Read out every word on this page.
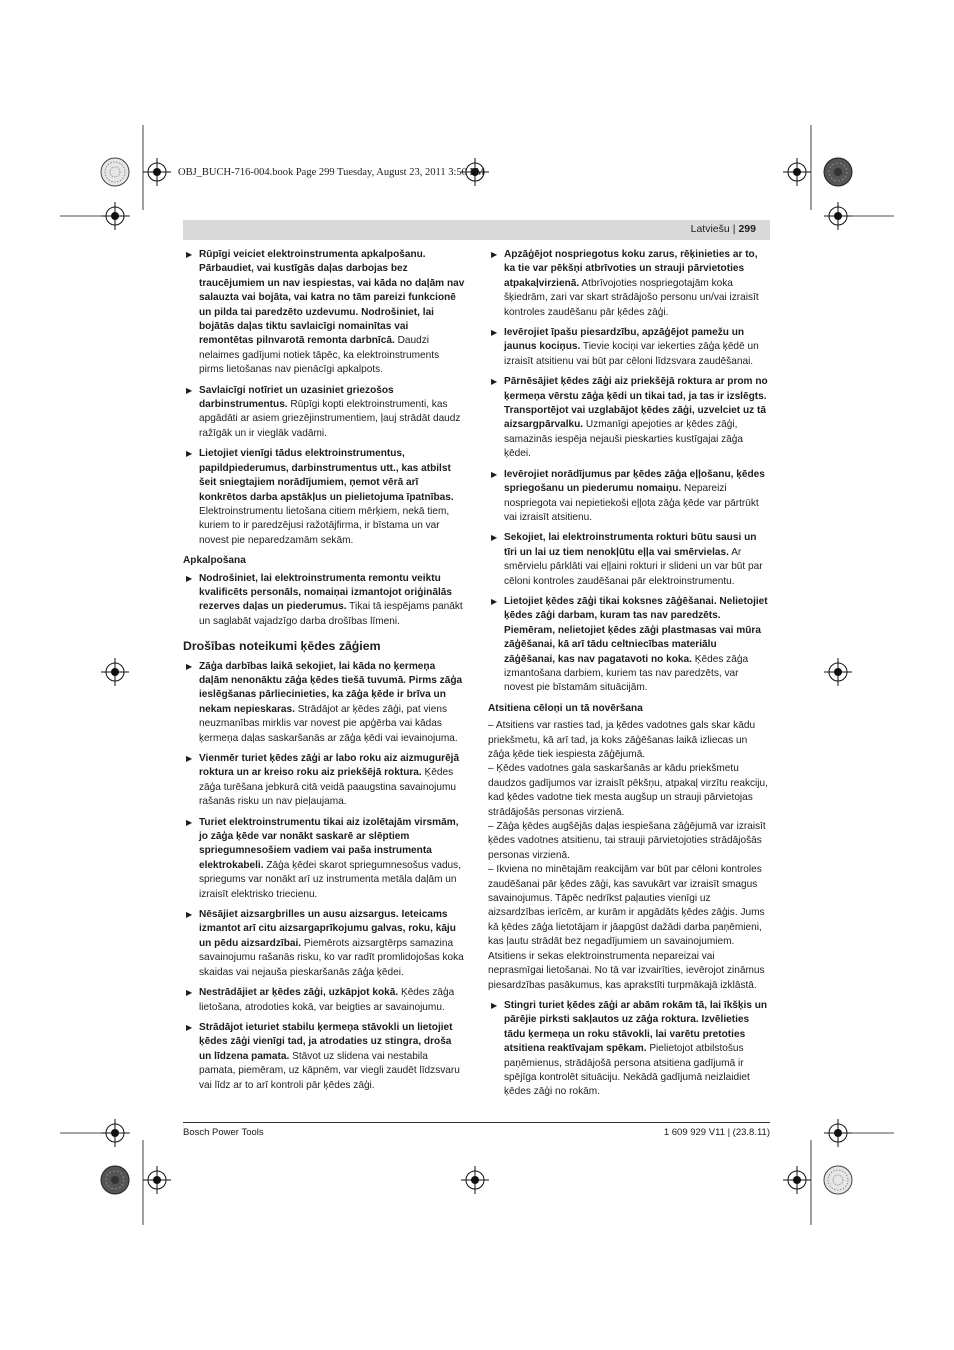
OBJ_BUCH-716-004.book Page 299 Tuesday, August 23, 2011 3:50 PM
Latviešu | 299
▶ Rūpīgi veiciet elektroinstrumenta apkalpošanu. Pārbaudiet, vai kustīgās daļas darbojas bez traucējumiem un nav iespiestas, vai kāda no daļām nav salauzta vai bojāta, vai katra no tām pareizi funkcionē un pilda tai paredzēto uzdevumu. Nodrošiniet, lai bojātās daļas tiktu savlaicīgi nomainītas vai remontētas pilnvarotā remonta darbnīcā. Daudzi nelaimes gadījumi notiek tāpēc, ka elektroinstruments pirms lietošanas nav pienācīgi apkalpots.
▶ Savlaicīgi notīriet un uzasiniet griezošos darbinstrumentus. Rūpīgi kopti elektroinstrumenti, kas apgādāti ar asiem griezējinstrumentiem, ļauj strādāt daudz ražīgāk un ir vieglāk vadāmi.
▶ Lietojiet vienīgi tādus elektroinstrumentus, papildpiederumus, darbinstrumentus utt., kas atbilst šeit sniegtajiem norādījumiem, ņemot vērā arī konkrētos darba apstākļus un pielietojuma īpatnības. Elektroinstrumentu lietošana citiem mērķiem, nekā tiem, kuriem to ir paredzējusi ražotājfirma, ir bīstama un var novest pie neparedzamām sekām.
Apkalpošana
▶ Nodrošiniet, lai elektroinstrumenta remontu veiktu kvalificēts personāls, nomaiņai izmantojot oriģinālās rezerves daļas un piederumus. Tikai tā iespējams panākt un saglabāt vajadzīgo darba drošības līmeni.
Drošības noteikumi ķēdes zāģiem
▶ Zāģa darbības laikā sekojiet, lai kāda no ķermeņa daļām nenonāktu zāģa ķēdes tiešā tuvumā. Pirms zāģa ieslēgšanas pārliecinieties, ka zāģa ķēde ir brīva un nekam nepieskaras. Strādājot ar ķēdes zāģi, pat viens neuzmanības mirklis var novest pie apģērba vai kādas ķermeņa daļas saskaršanās ar zāģa ķēdi vai ievainojuma.
▶ Vienmēr turiet ķēdes zāģi ar labo roku aiz aizmugurējā roktura un ar kreiso roku aiz priekšējā roktura. Ķēdes zāģa turēšana jebkurā citā veidā paaugstina savainojumu rašanās risku un nav pieļaujama.
▶ Turiet elektroinstrumentu tikai aiz izolētajām virsmām, jo zāģa ķēde var nonākt saskarē ar slēptiem spriegumnesošiem vadiem vai paša instrumenta elektrokabeli. Zāģa ķēdei skarot spriegumnesošus vadus, spriegums var nonākt arī uz instrumenta metāla daļām un izraisīt elektrisko triecienu.
▶ Nēsājiet aizsargbrilles un ausu aizsargus. Ieteicams izmantot arī citu aizsargaprīkojumu galvas, roku, kāju un pēdu aizsardzībai. Piemērots aizsargtērps samazina savainojumu rašanās risku, ko var radīt promlidojošas koka skaidas vai nejauša pieskaršanās zāģa ķēdei.
▶ Nestrādājiet ar ķēdes zāģi, uzkāpjot kokā. Ķēdes zāģa lietošana, atrodoties kokā, var beigties ar savainojumu.
▶ Strādājot ieturiet stabilu ķermeņa stāvokli un lietojiet ķēdes zāģi vienīgi tad, ja atrodaties uz stingra, droša un līdzena pamata. Stāvot uz slidena vai nestabila pamata, piemēram, uz kāpnēm, var viegli zaudēt līdzsvaru vai līdz ar to arī kontroli pār ķēdes zāģi.
▶ Apzāģējot nospriegotus koku zarus, rēķinieties ar to, ka tie var pēkšņi atbrīvoties un strauji pārvietoties atpakaļvirzienā. Atbrīvojoties nospriegotajām koka šķiedrām, zari var skart strādājošo personu un/vai izraisīt kontroles zaudēšanu pār ķēdes zāģi.
▶ Ievērojiet īpašu piesardzību, apzāģējot pamežu un jaunus kociņus. Tievie kociņi var iekerties zāģa ķēdē un izraisīt atsitienu vai būt par cēloni līdzsvara zaudēšanai.
▶ Pārnēsājiet ķēdes zāģi aiz priekšējā roktura ar prom no ķermeņa vērstu zāģa ķēdi un tikai tad, ja tas ir izslēgts. Transportējot vai uzglabājot ķēdes zāģi, uzvelciet uz tā aizsargpārvalku. Uzmanīgi apejoties ar ķēdes zāģi, samazinās iespēja nejauši pieskarties kustīgajai zāģa ķēdei.
▶ Ievērojiet norādījumus par ķēdes zāģa eļļošanu, ķēdes spriegošanu un piederumu nomaiņu. Nepareizi nospriegota vai nepietiekoši eļļota zāģa ķēde var pārtrūkt vai izraisīt atsitienu.
▶ Sekojiet, lai elektroinstrumenta rokturi būtu sausi un tīri un lai uz tiem nenokļūtu eļļa vai smērvielas. Ar smērvielu pārklāti vai eļļaini rokturi ir slideni un var būt par cēloni kontroles zaudēšanai pār elektroinstrumentu.
▶ Lietojiet ķēdes zāģi tikai koksnes zāģēšanai. Nelietojiet ķēdes zāģi darbam, kuram tas nav paredzēts. Piemēram, nelietojiet ķēdes zāģi plastmasas vai mūra zāģēšanai, kā arī tādu celtniecības materiālu zāģēšanai, kas nav pagatavoti no koka. Ķēdes zāģa izmantošana darbiem, kuriem tas nav paredzēts, var novest pie bīstamām situācijām.
Atsitiena cēloņi un tā novēršana
– Atsitiens var rasties tad, ja ķēdes vadotnes gals skar kādu priekšmetu, kā arī tad, ja koks zāģēšanas laikā izliecas un zāģa ķēde tiek iespiesta zāģējumā.
– Ķēdes vadotnes gala saskaršanās ar kādu priekšmetu daudzos gadījumos var izraisīt pēkšņu, atpakaļ virzītu reakciju, kad ķēdes vadotne tiek mesta augšup un strauji pārvietojas strādājošās personas virzienā.
– Zāģa ķēdes augšējās daļas iespiešana zāģējumā var izraisīt ķēdes vadotnes atsitienu, tai strauji pārvietojoties strādājošās personas virzienā.
– Ikviena no minētajām reakcijām var būt par cēloni kontroles zaudēšanai pār ķēdes zāģi, kas savukārt var izraisīt smagus savainojumus. Tāpēc nedrīkst paļauties vienīgi uz aizsardzības ierīcēm, ar kurām ir apgādāts ķēdes zāģis. Jums kā ķēdes zāģa lietotājam ir jāapgūst dažādi darba paņēmieni, kas ļautu strādāt bez negadījumiem un savainojumiem.
Atsitiens ir sekas elektroinstrumenta nepareizai vai neprasmīgai lietošanai. No tā var izvairīties, ievērojot zināmus piesardzības pasākumus, kas aprakstīti turpmākajā izklāstā.
▶ Stingri turiet ķēdes zāģi ar abām rokām tā, lai īkšķis un pārējie pirksti sakļautos uz zāģa roktura. Izvēlieties tādu ķermeņa un roku stāvokli, lai varētu pretoties atsitiena reaktīvajam spēkam. Pielietojot atbilstošus paņēmienus, strādājošā persona atsitiena gadījumā ir spējīga kontrolēt situāciju. Nekādā gadījumā neizlaidiet ķēdes zāģi no rokām.
Bosch Power Tools	1 609 929 V11 | (23.8.11)
